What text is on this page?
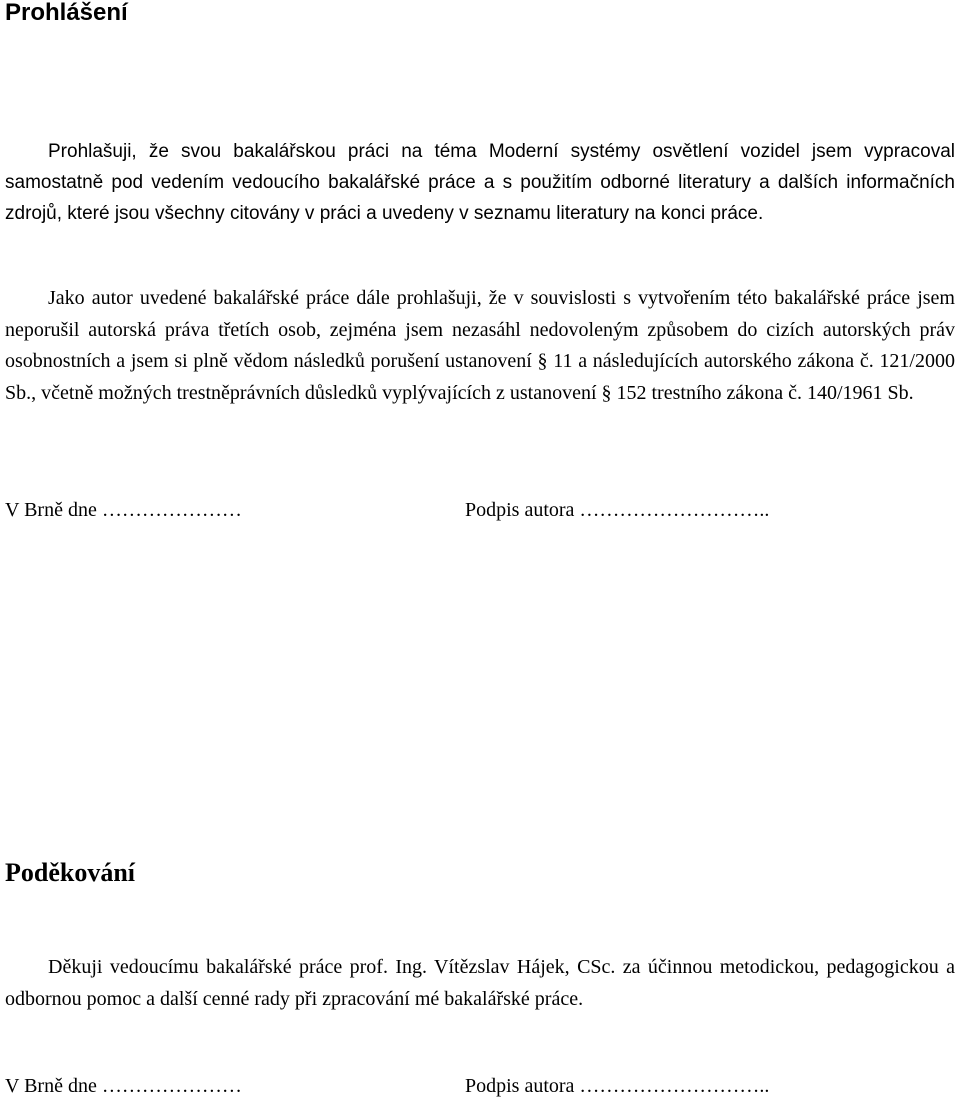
Prohlášení

Prohlašuji, že svou bakalářskou práci na téma Moderní systémy osvětlení vozidel jsem vypracoval samostatně pod vedením vedoucího bakalářské práce a s použitím odborné literatury a dalších informačních zdrojů, které jsou všechny citovány v práci a uvedeny v seznamu literatury na konci práce.

Jako autor uvedené bakalářské práce dále prohlašuji, že v souvislosti s vytvořením této bakalářské práce jsem neporušil autorská práva třetích osob, zejména jsem nezasáhl nedovoleným způsobem do cizích autorských práv osobnostních a jsem si plně vědom následků porušení ustanovení § 11 a následujících autorského zákona č. 121/2000 Sb., včetně možných trestněprávních důsledků vyplývajících z ustanovení § 152 trestního zákona č. 140/1961 Sb.

V Brně dne …………………	Podpis autora ………………………..
Poděkování

Děkuji vedoucímu bakalářské práce prof. Ing. Vítězslav Hájek, CSc. za účinnou metodickou, pedagogickou a odbornou pomoc a další cenné rady při zpracování mé bakalářské práce.

V Brně dne …………………	Podpis autora ………………………..
